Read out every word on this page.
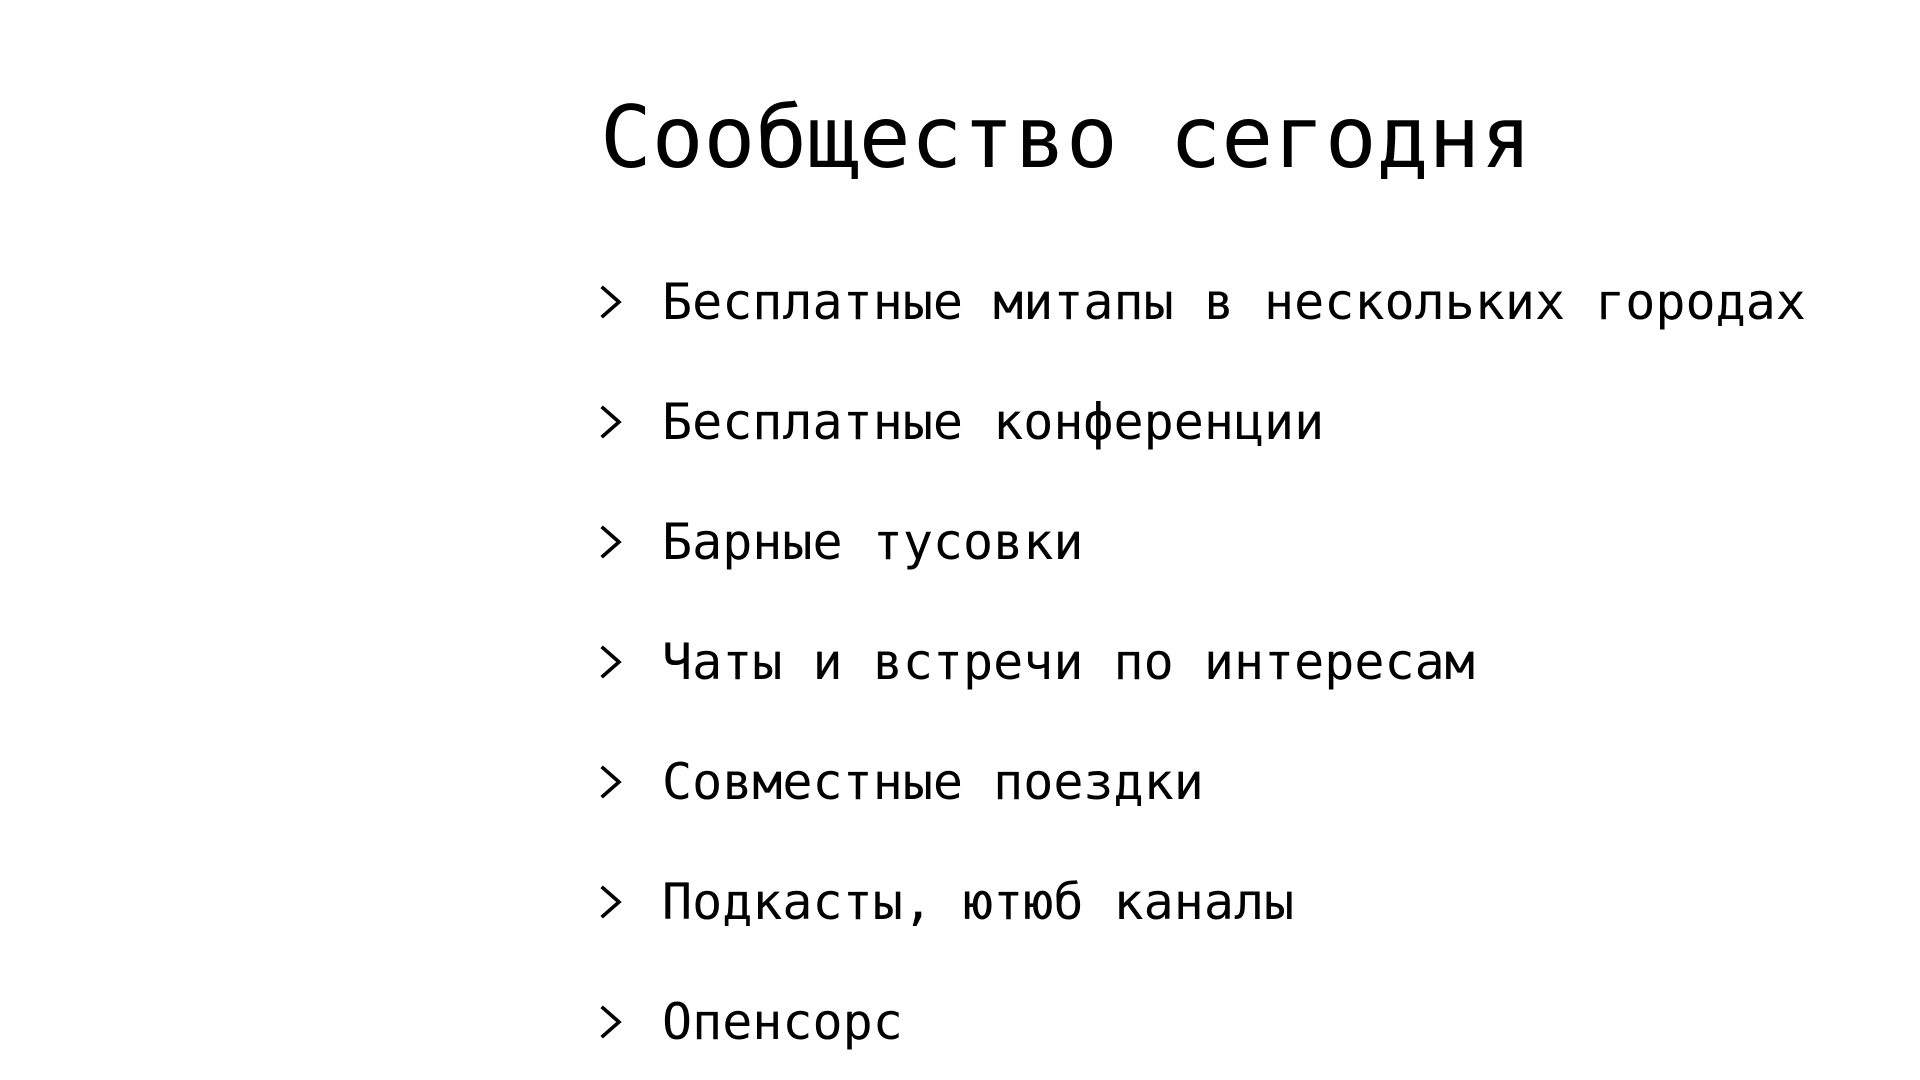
Сообщество сегодня
Бесплатные митапы в нескольких городах
Бесплатные конференции
Барные тусовки
Чаты и встречи по интересам
Совместные поездки
Подкасты, ютюб каналы
Опенсорс
